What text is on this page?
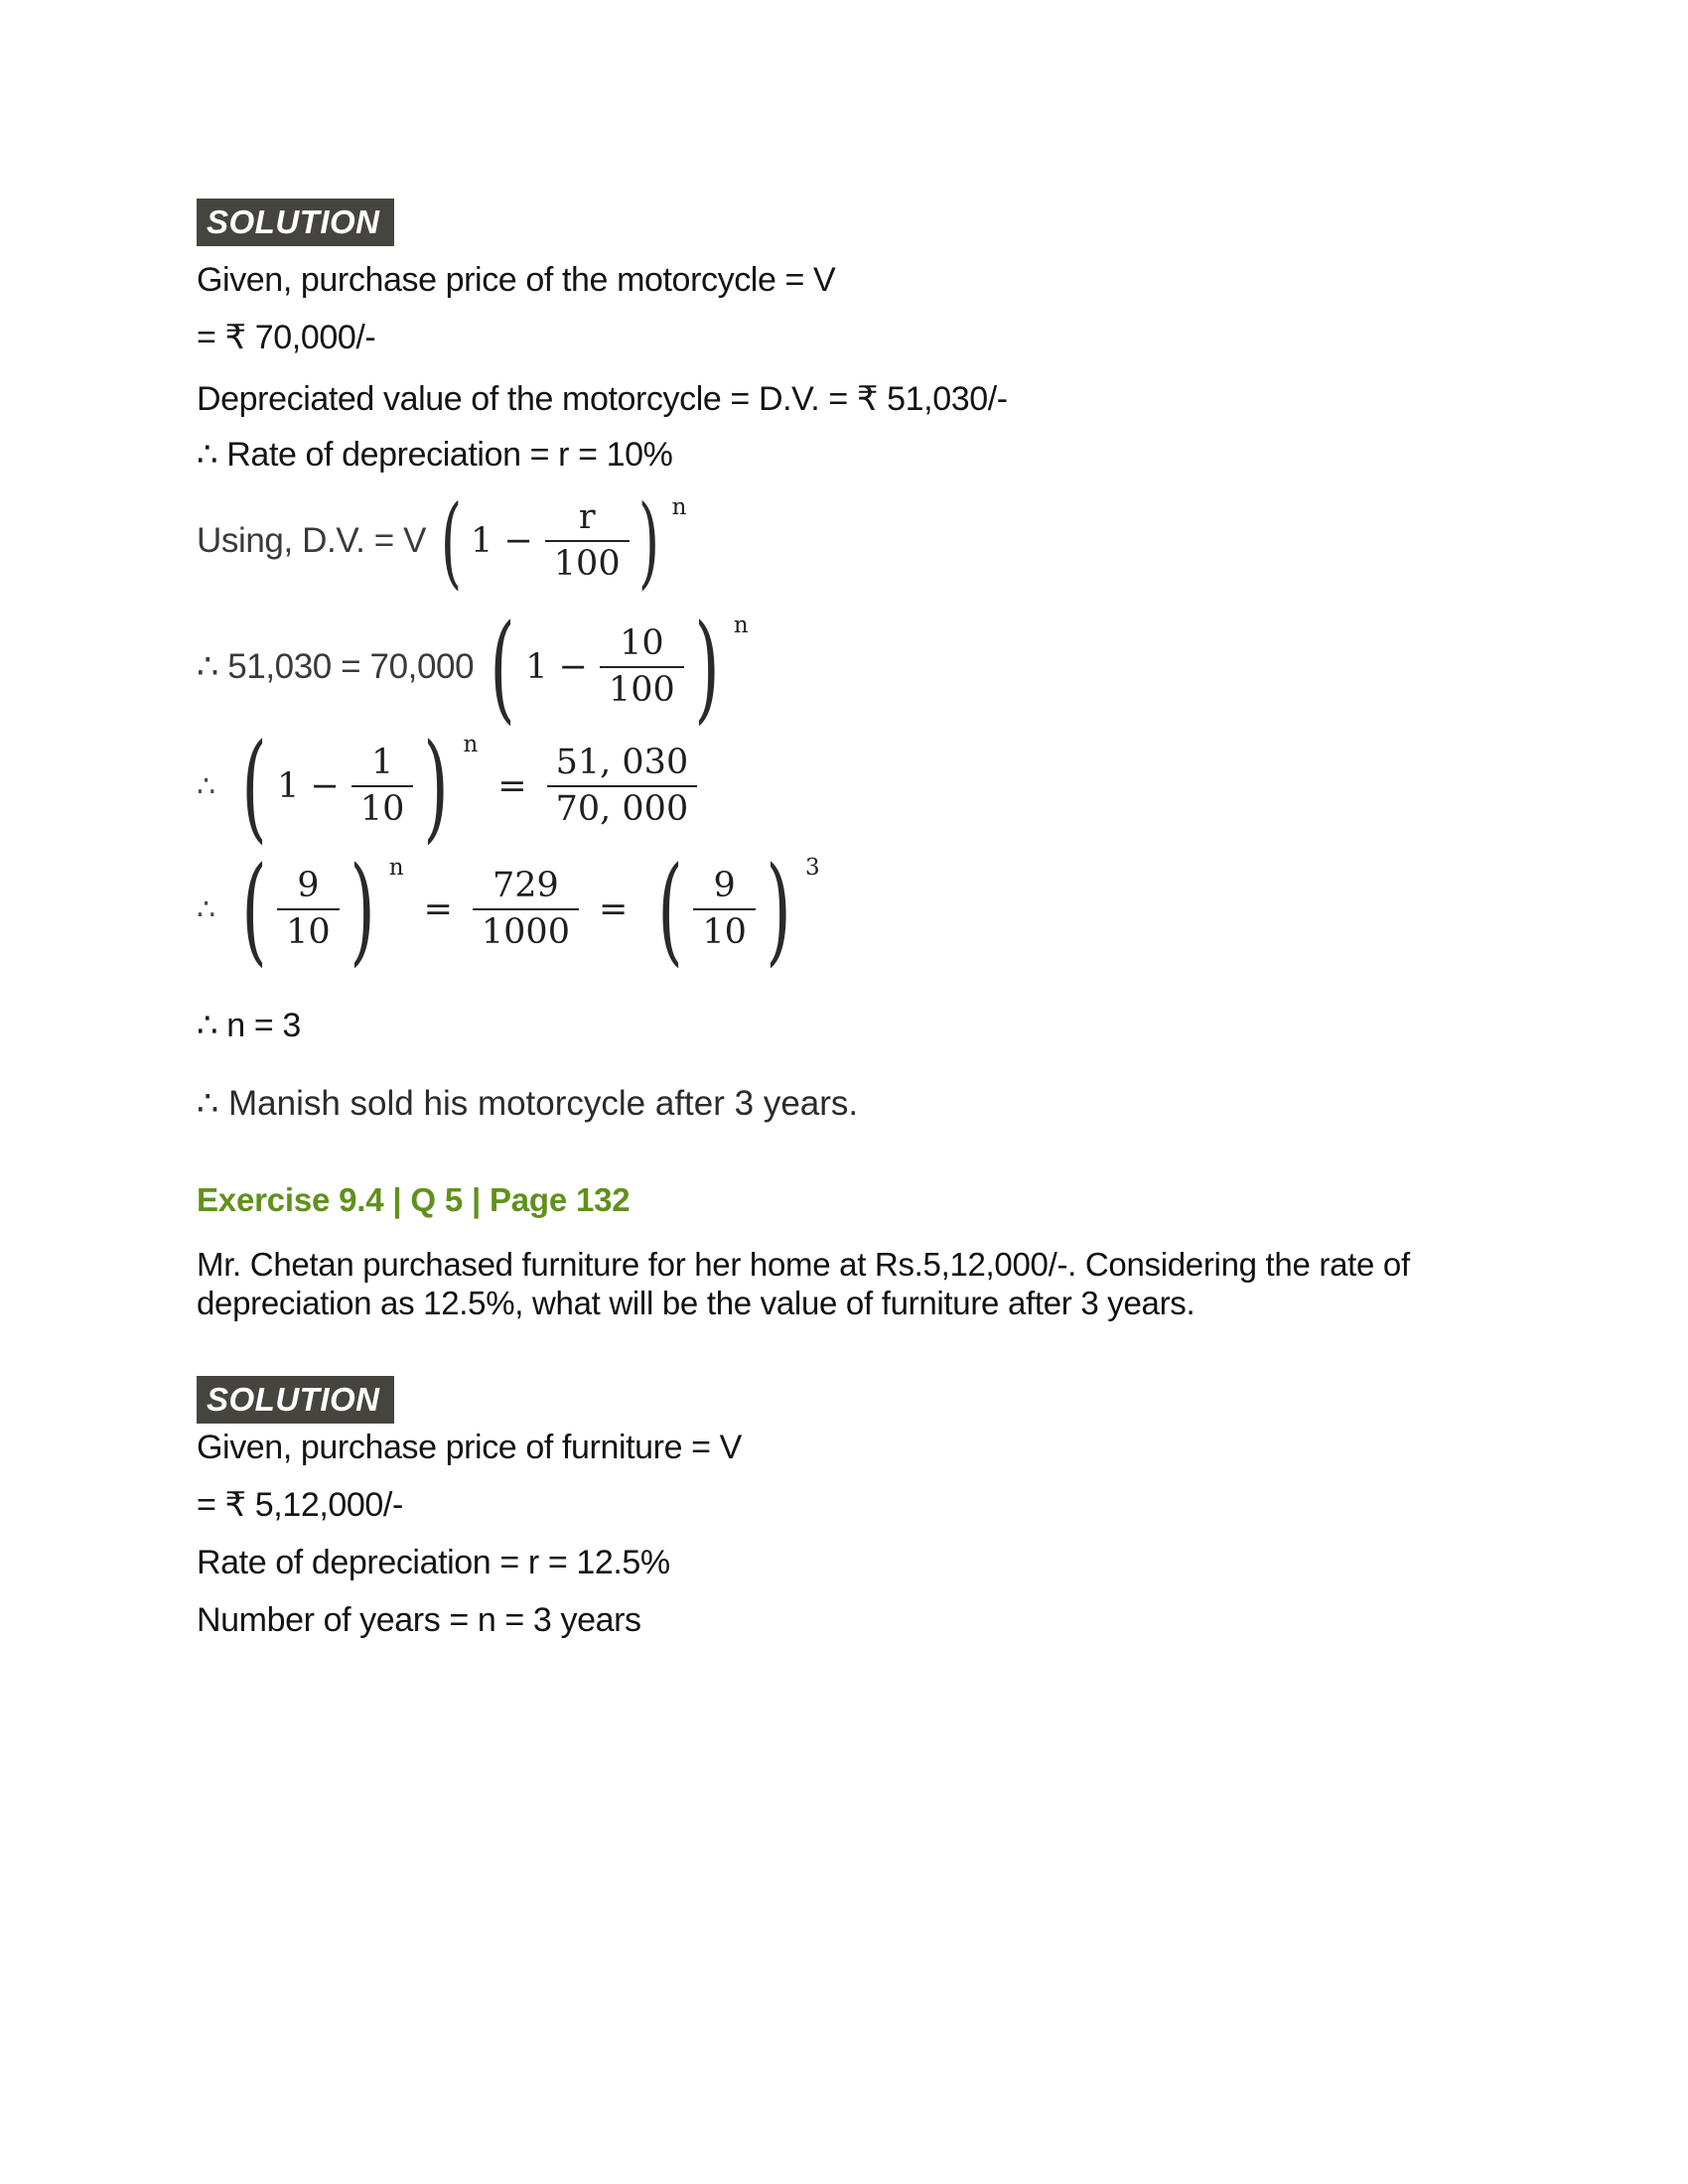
SOLUTION
Given, purchase price of the motorcycle = V
= ₹ 70,000/-
Depreciated value of the motorcycle = D.V. = ₹ 51,030/-
∴ Rate of depreciation = r = 10%
Using, D.V. = V ( $1 - \frac{r}{100}$ ) n
∴ 51,030 = 70,000 ( $1 - \frac{10}{100}$ ) n
∴ ( $1 - \frac{1}{10}$ ) n
= $\frac{51, 030}{70, 000}$
∴ ( $\frac{9}{10}$ ) n
= $\frac{729}{1000}$ = ( $\frac{9}{10}$ ) 3
∴ n = 3
∴ Manish sold his motorcycle after 3 years.
Exercise 9.4 | Q 5 | Page 132
Mr. Chetan purchased furniture for her home at Rs.5,12,000/-. Considering the rate of depreciation as 12.5%, what will be the value of furniture after 3 years.
SOLUTION
Given, purchase price of furniture = V
= ₹ 5,12,000/-
Rate of depreciation = r = 12.5%
Number of years = n = 3 years
